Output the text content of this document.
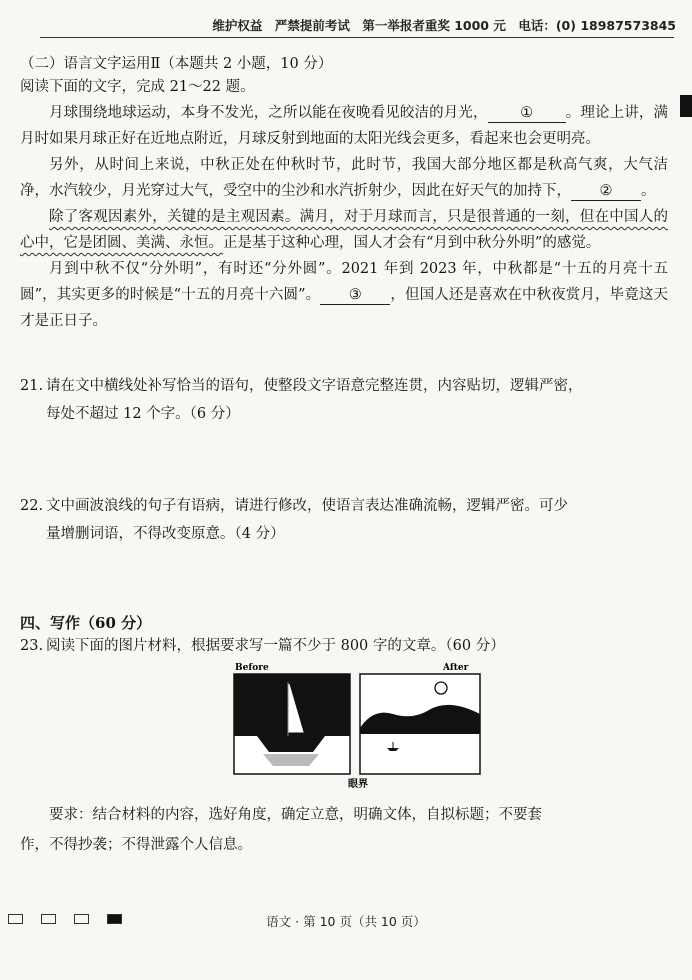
维护权益　严禁提前考试　第一举报者重奖 1000 元　电话：(0) 18987573845
（二）语言文字运用Ⅱ（本题共 2 小题，10 分）

阅读下面的文字，完成 21～22 题。

月球围绕地球运动，本身不发光，之所以能在夜晚看见皎洁的月光， ① 。理论上讲，满月时如果月球正好在近地点附近，月球反射到地面的太阳光线会更多，看起来也会更明亮。

另外，从时间上来说，中秋正处在仲秋时节，此时节，我国大部分地区都是秋高气爽，大气洁净，水汽较少，月光穿过大气，受空中的尘沙和水汽折射少，因此在好天气的加持下， ② 。

除了客观因素外，关键的是主观因素。满月，对于月球而言，只是很普通的一刻，但在中国人的心中，它是团圆、美满、永恒。正是基于这种心理，国人才会有“月到中秋分外明”的感觉。

月到中秋不仅“分外明”，有时还“分外圆”。2021 年到 2023 年，中秋都是“十五的月亮十五圆”，其实更多的时候是“十五的月亮十六圆”。 ③ ，但国人还是喜欢在中秋夜赏月，毕竟这天才是正日子。

21. 请在文中横线处补写恰当的语句，使整段文字语意完整连贯，内容贴切，逻辑严密，
每处不超过 12 个字。（6 分）
22. 文中画波浪线的句子有语病，请进行修改，使语言表达准确流畅，逻辑严密。可少
量增删词语，不得改变原意。（4 分）
四、写作（60 分）
23. 阅读下面的图片材料，根据要求写一篇不少于 800 字的文章。（60 分）
Before	After
眼界
要求：结合材料的内容，选好角度，确定立意，明确文体，自拟标题；不要套
作，不得抄袭；不得泄露个人信息。
语文 · 第 10 页（共 10 页）
